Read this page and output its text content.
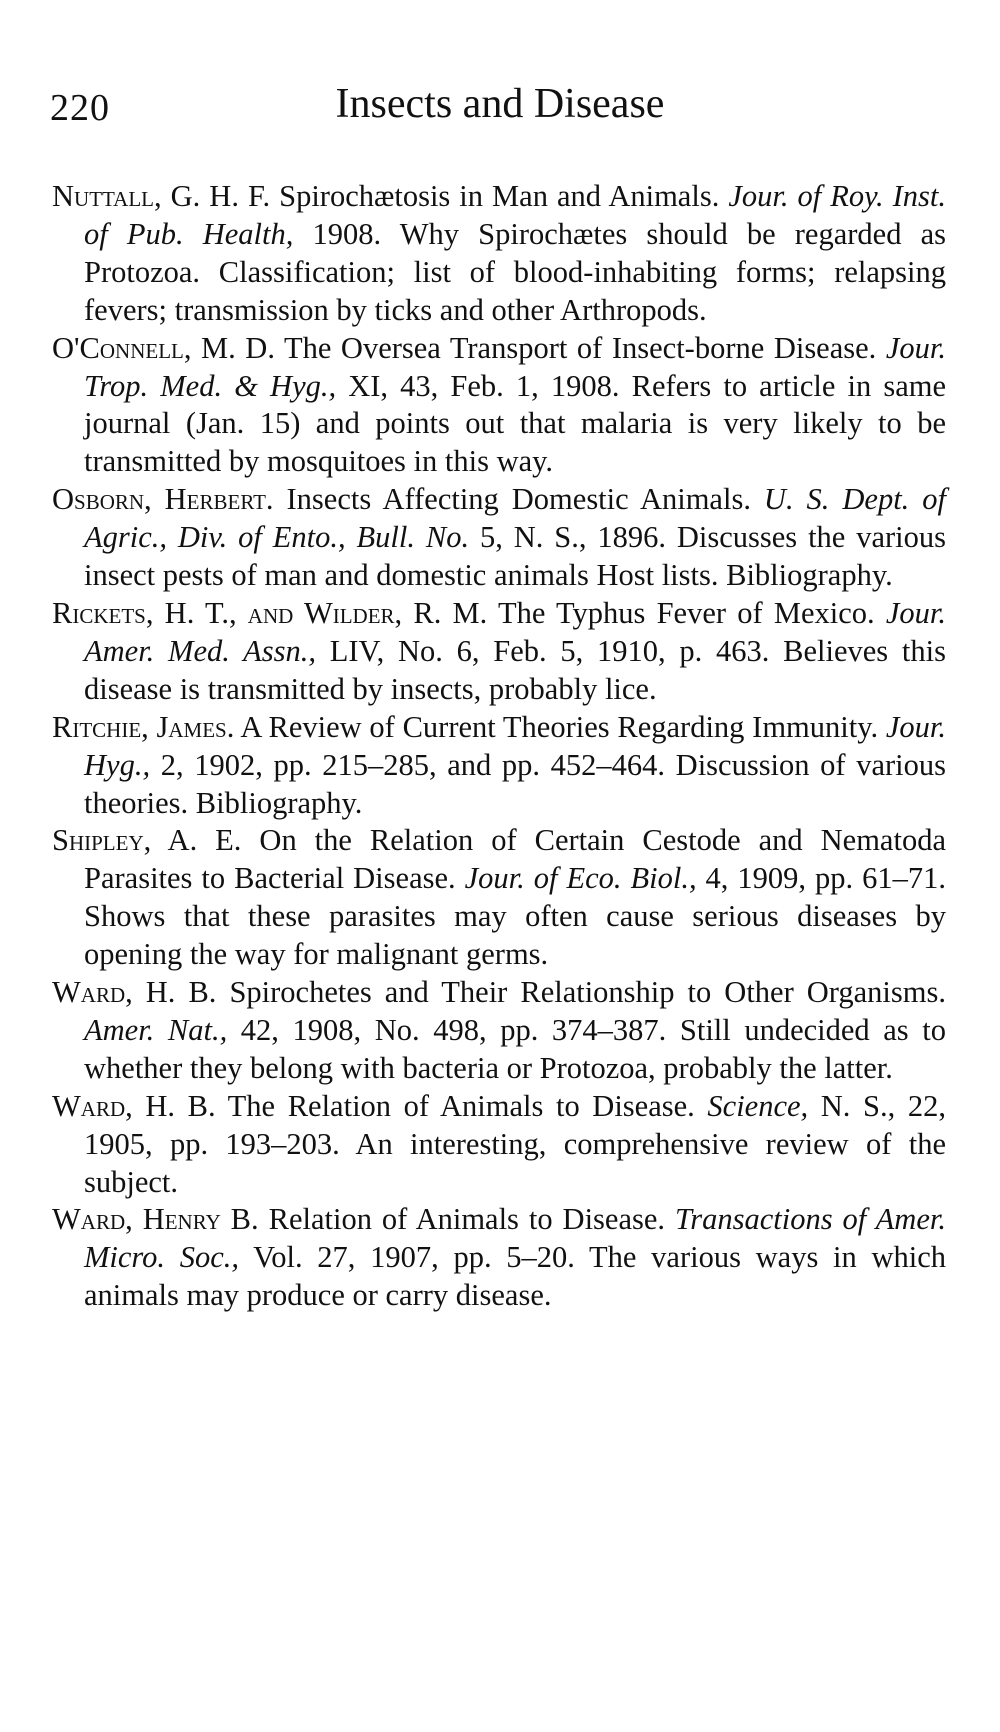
220	Insects and Disease

Nuttall, G. H. F. Spirochætosis in Man and Animals. Jour. of Roy. Inst. of Pub. Health, 1908. Why Spirochætes should be regarded as Protozoa. Classification; list of blood-inhabiting forms; relapsing fevers; transmission by ticks and other Arthropods.

O'Connell, M. D. The Oversea Transport of Insect-borne Disease. Jour. Trop. Med. & Hyg., XI, 43, Feb. 1, 1908. Refers to article in same journal (Jan. 15) and points out that malaria is very likely to be transmitted by mosquitoes in this way.

Osborn, Herbert. Insects Affecting Domestic Animals. U. S. Dept. of Agric., Div. of Ento., Bull. No. 5, N. S., 1896. Discusses the various insect pests of man and domestic animals Host lists. Bibliography.

Rickets, H. T., and Wilder, R. M. The Typhus Fever of Mexico. Jour. Amer. Med. Assn., LIV, No. 6, Feb. 5, 1910, p. 463. Believes this disease is transmitted by insects, probably lice.

Ritchie, James. A Review of Current Theories Regarding Immunity. Jour. Hyg., 2, 1902, pp. 215–285, and pp. 452–464. Discussion of various theories. Bibliography.

Shipley, A. E. On the Relation of Certain Cestode and Nematoda Parasites to Bacterial Disease. Jour. of Eco. Biol., 4, 1909, pp. 61–71. Shows that these parasites may often cause serious diseases by opening the way for malignant germs.

Ward, H. B. Spirochetes and Their Relationship to Other Organisms. Amer. Nat., 42, 1908, No. 498, pp. 374–387. Still undecided as to whether they belong with bacteria or Protozoa, probably the latter.

Ward, H. B. The Relation of Animals to Disease. Science, N. S., 22, 1905, pp. 193–203. An interesting, comprehensive review of the subject.

Ward, Henry B. Relation of Animals to Disease. Transactions of Amer. Micro. Soc., Vol. 27, 1907, pp. 5–20. The various ways in which animals may produce or carry disease.
